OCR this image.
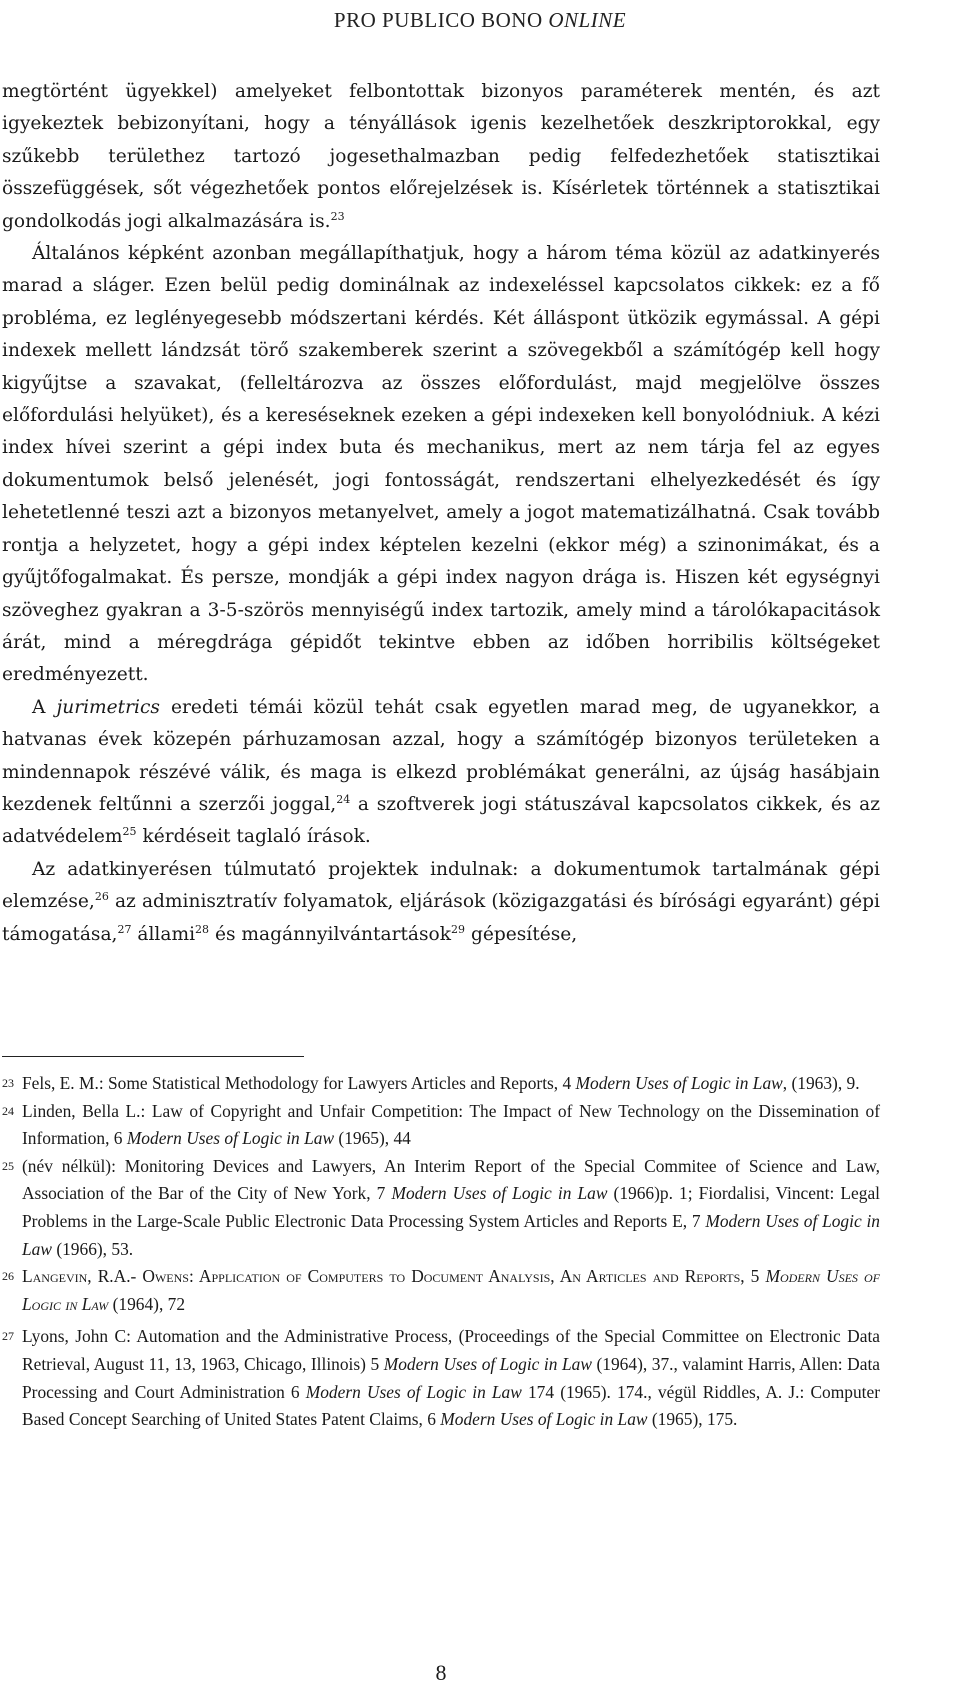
PRO PUBLICO BONO ONLINE

megtörtént ügyekkel) amelyeket felbontottak bizonyos paraméterek mentén, és azt igyekeztek bebizonyítani, hogy a tényállások igenis kezelhetőek deszkriptorokkal, egy szűkebb területhez tartozó jogesethalmazban pedig felfedezhetőek statisztikai összefüggések, sőt végezhetőek pontos előrejelzések is. Kísérletek történnek a statisztikai gondolkodás jogi alkalmazására is.$^{23}$

Általános képként azonban megállapíthatjuk, hogy a három téma közül az adatkinyerés marad a sláger. Ezen belül pedig dominálnak az indexeléssel kapcsolatos cikkek: ez a fő probléma, ez leglényegesebb módszertani kérdés. Két álláspont ütközik egymással. A gépi indexek mellett lándzsát törő szakemberek szerint a szövegekből a számítógép kell hogy kigyűjtse a szavakat, (felleltározva az összes előfordulást, majd megjelölve összes előfordulási helyüket), és a kereséseknek ezeken a gépi indexeken kell bonyolódniuk. A kézi index hívei szerint a gépi index buta és mechanikus, mert az nem tárja fel az egyes dokumentumok belső jelenését, jogi fontosságát, rendszertani elhelyezkedését és így lehetetlenné teszi azt a bizonyos metanyelvet, amely a jogot matematizálhatná. Csak tovább rontja a helyzetet, hogy a gépi index képtelen kezelni (ekkor még) a szinonimákat, és a gyűjtőfogalmakat. És persze, mondják a gépi index nagyon drága is. Hiszen két egységnyi szöveghez gyakran a 3-5-szörös mennyiségű index tartozik, amely mind a tárolókapacitások árát, mind a méregdrága gépidőt tekintve ebben az időben horribilis költségeket eredményezett.

A jurimetrics eredeti témái közül tehát csak egyetlen marad meg, de ugyanekkor, a hatvanas évek közepén párhuzamosan azzal, hogy a számítógép bizonyos területeken a mindennapok részévé válik, és maga is elkezd problémákat generálni, az újság hasábjain kezdenek feltűnni a szerzői joggal,$^{24}$ a szoftverek jogi státuszával kapcsolatos cikkek, és az adatvédelem$^{25}$ kérdéseit taglaló írások.

Az adatkinyerésen túlmutató projektek indulnak: a dokumentumok tartalmának gépi elemzése,$^{26}$ az adminisztratív folyamatok, eljárások (közigazgatási és bírósági egyaránt) gépi támogatása,$^{27}$ állami$^{28}$ és magánnyilvántartások$^{29}$ gépesítése,

23 Fels, E. M.: Some Statistical Methodology for Lawyers Articles and Reports, 4 Modern Uses of Logic in Law, (1963), 9.
24 Linden, Bella L.: Law of Copyright and Unfair Competition: The Impact of New Technology on the Dissemination of Information, 6 Modern Uses of Logic in Law (1965), 44
25 (név nélkül): Monitoring Devices and Lawyers, An Interim Report of the Special Commitee of Science and Law, Association of the Bar of the City of New York, 7 Modern Uses of Logic in Law (1966)p. 1; Fiordalisi, Vincent: Legal Problems in the Large-Scale Public Electronic Data Processing System Articles and Reports E, 7 Modern Uses of Logic in Law (1966), 53.
26 Langevin, R.A.- Owens: Application of Computers to Document Analysis, An Articles and Reports, 5 Modern Uses of Logic in Law (1964), 72
27 Lyons, John C: Automation and the Administrative Process, (Proceedings of the Special Committee on Electronic Data Retrieval, August 11, 13, 1963, Chicago, Illinois) 5 Modern Uses of Logic in Law (1964), 37., valamint Harris, Allen: Data Processing and Court Administration 6 Modern Uses of Logic in Law 174 (1965). 174., végül Riddles, A. J.: Computer Based Concept Searching of United States Patent Claims, 6 Modern Uses of Logic in Law (1965), 175.
8
